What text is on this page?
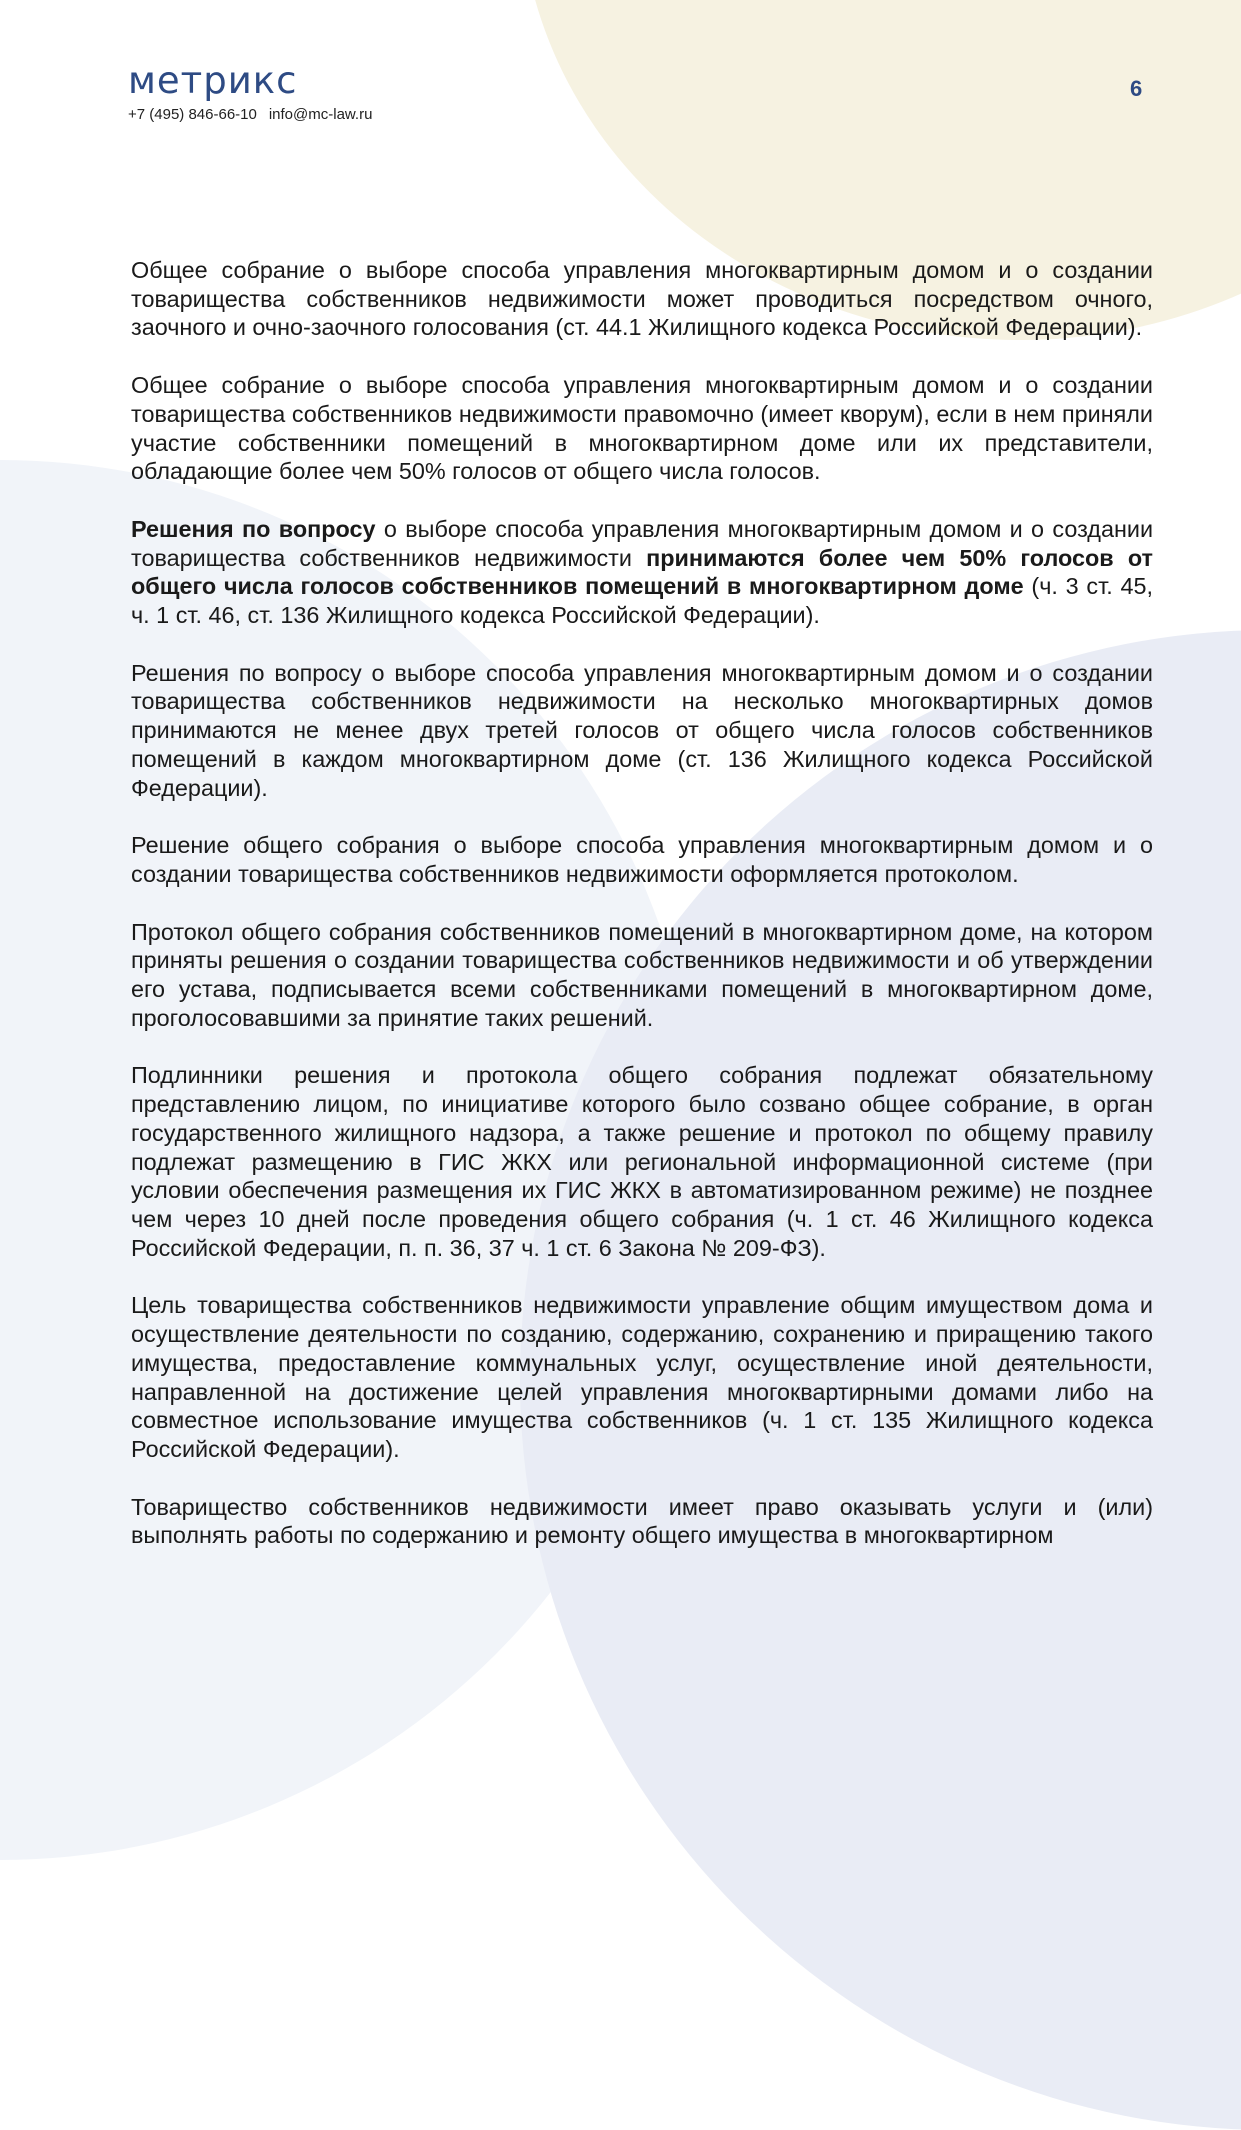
метрикс
+7 (495) 846-66-10 info@mc-law.ru
6

Общее собрание о выборе способа управления многоквартирным домом и о создании товарищества собственников недвижимости может проводиться посредством очного, заочного и очно-заочного голосования (ст. 44.1 Жилищного кодекса Российской Федерации).

Общее собрание о выборе способа управления многоквартирным домом и о создании товарищества собственников недвижимости правомочно (имеет кворум), если в нем приняли участие собственники помещений в многоквартирном доме или их представители, обладающие более чем 50% голосов от общего числа голосов.

Решения по вопросу о выборе способа управления многоквартирным домом и о создании товарищества собственников недвижимости принимаются более чем 50% голосов от общего числа голосов собственников помещений в многоквартирном доме (ч. 3 ст. 45, ч. 1 ст. 46, ст. 136 Жилищного кодекса Российской Федерации).

Решения по вопросу о выборе способа управления многоквартирным домом и о создании товарищества собственников недвижимости на несколько многоквартирных домов принимаются не менее двух третей голосов от общего числа голосов собственников помещений в каждом многоквартирном доме (ст. 136 Жилищного кодекса Российской Федерации).

Решение общего собрания о выборе способа управления многоквартирным домом и о создании товарищества собственников недвижимости оформляется протоколом.

Протокол общего собрания собственников помещений в многоквартирном доме, на котором приняты решения о создании товарищества собственников недвижимости и об утверждении его устава, подписывается всеми собственниками помещений в многоквартирном доме, проголосовавшими за принятие таких решений.

Подлинники решения и протокола общего собрания подлежат обязательному представлению лицом, по инициативе которого было созвано общее собрание, в орган государственного жилищного надзора, а также решение и протокол по общему правилу подлежат размещению в ГИС ЖКХ или региональной информационной системе (при условии обеспечения размещения их ГИС ЖКХ в автоматизированном режиме) не позднее чем через 10 дней после проведения общего собрания (ч. 1 ст. 46 Жилищного кодекса Российской Федерации, п. п. 36, 37 ч. 1 ст. 6 Закона № 209-ФЗ).

Цель товарищества собственников недвижимости управление общим имуществом дома и осуществление деятельности по созданию, содержанию, сохранению и приращению такого имущества, предоставление коммунальных услуг, осуществление иной деятельности, направленной на достижение целей управления многоквартирными домами либо на совместное использование имущества собственников (ч. 1 ст. 135 Жилищного кодекса Российской Федерации).

Товарищество собственников недвижимости имеет право оказывать услуги и (или) выполнять работы по содержанию и ремонту общего имущества в многоквартирном
